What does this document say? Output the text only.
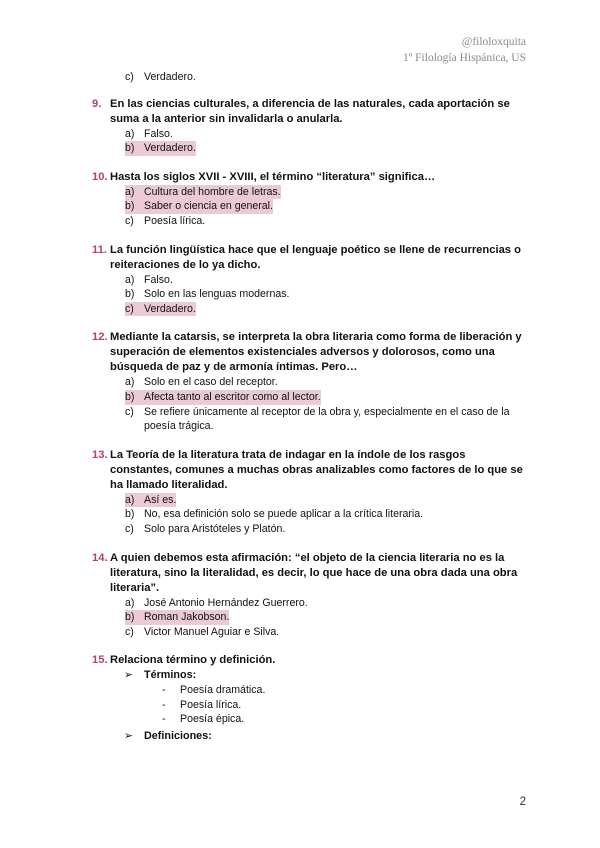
@filoloxquita
1º Filología Hispánica, US
c) Verdadero.
9. En las ciencias culturales, a diferencia de las naturales, cada aportación se suma a la anterior sin invalidarla o anularla.
a) Falso.
b) Verdadero.
10. Hasta los siglos XVII - XVIII, el término “literatura” significa…
a) Cultura del hombre de letras.
b) Saber o ciencia en general.
c) Poesía lírica.
11. La función lingüística hace que el lenguaje poético se llene de recurrencias o reiteraciones de lo ya dicho.
a) Falso.
b) Solo en las lenguas modernas.
c) Verdadero.
12. Mediante la catarsis, se interpreta la obra literaria como forma de liberación y superación de elementos existenciales adversos y dolorosos, como una búsqueda de paz y de armonía íntimas. Pero…
a) Solo en el caso del receptor.
b) Afecta tanto al escritor como al lector.
c) Se refiere únicamente al receptor de la obra y, especialmente en el caso de la poesía trágica.
13. La Teoría de la literatura trata de indagar en la índole de los rasgos constantes, comunes a muchas obras analizables como factores de lo que se ha llamado literalidad.
a) Así es.
b) No, esa definición solo se puede aplicar a la crítica literaria.
c) Solo para Aristóteles y Platón.
14. A quien debemos esta afirmación: “el objeto de la ciencia literaria no es la literatura, sino la literalidad, es decir, lo que hace de una obra dada una obra literaria”.
a) José Antonio Hernández Guerrero.
b) Roman Jakobson.
c) Victor Manuel Aguiar e Silva.
15. Relaciona término y definición.
➢	Términos:
-	Poesía dramática.
-	Poesía lírica.
-	Poesía épica.
➢	Definiciones:
2
